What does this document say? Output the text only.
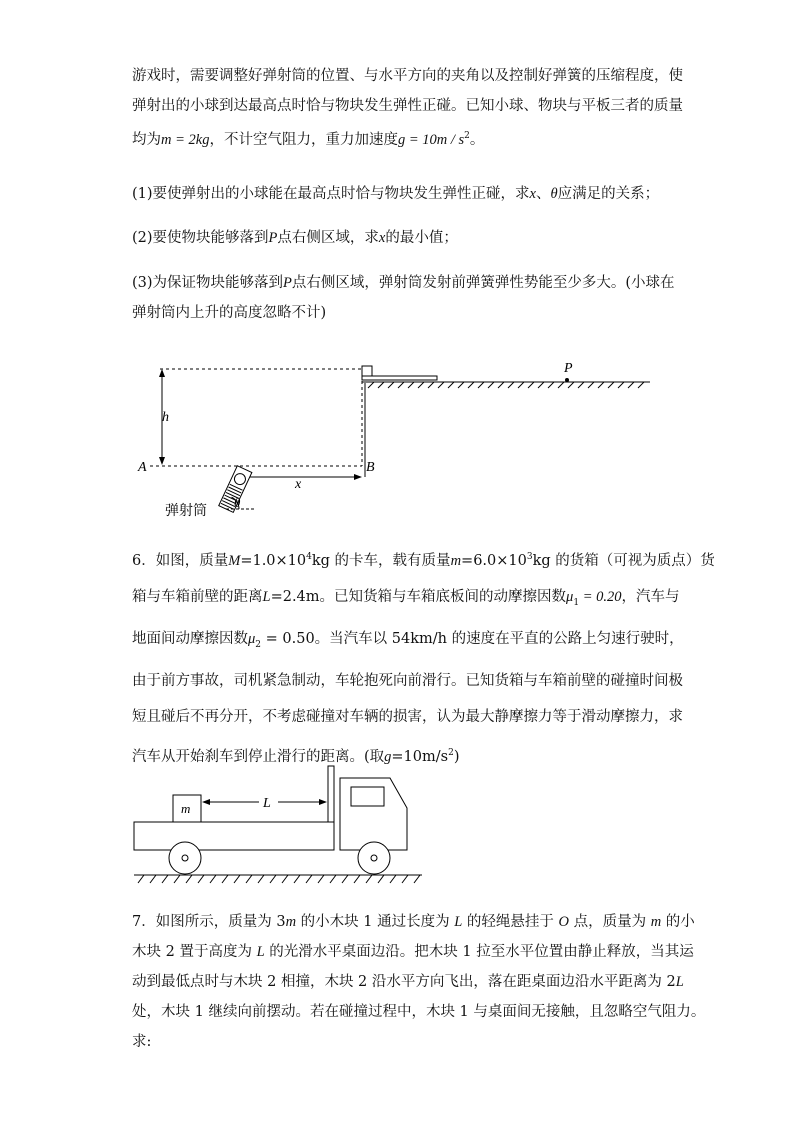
游戏时，需要调整好弹射筒的位置、与水平方向的夹角以及控制好弹簧的压缩程度，使
弹射出的小球到达最高点时恰与物块发生弹性正碰。已知小球、物块与平板三者的质量
均为m = 2kg，不计空气阻力，重力加速度$g = 10m / s^2$。
(1)要使弹射出的小球能在最高点时恰与物块发生弹性正碰，求x、θ应满足的关系；
(2)要使物块能够落到P点右侧区域，求x的最小值；
(3)为保证物块能够落到P点右侧区域，弹射筒发射前弹簧弹性势能至少多大。(小球在
弹射筒内上升的高度忽略不计)
h
A	B
P
x
θ
弹射筒
6．如图，质量$M=1.0\times 10^4kg$ 的卡车，载有质量$m=6.0\times 10^3kg$ 的货箱（可视为质点）货
箱与车箱前壁的距离L=2.4m。已知货箱与车箱底板间的动摩擦因数$\mu_1 = 0.20$，汽车与
地面间动摩擦因数$\mu_2 = 0.50$。当汽车以 54km/h 的速度在平直的公路上匀速行驶时，
由于前方事故，司机紧急制动，车轮抱死向前滑行。已知货箱与车箱前壁的碰撞时间极
短且碰后不再分开，不考虑碰撞对车辆的损害，认为最大静摩擦力等于滑动摩擦力，求
汽车从开始刹车到停止滑行的距离。(取$g=10m/s^2$)
m	L
7．如图所示，质量为 3m 的小木块 1 通过长度为 L 的轻绳悬挂于 O 点，质量为 m 的小
木块 2 置于高度为 L 的光滑水平桌面边沿。把木块 1 拉至水平位置由静止释放，当其运
动到最低点时与木块 2 相撞，木块 2 沿水平方向飞出，落在距桌面边沿水平距离为 2L
处，木块 1 继续向前摆动。若在碰撞过程中，木块 1 与桌面间无接触，且忽略空气阻力。
求:
